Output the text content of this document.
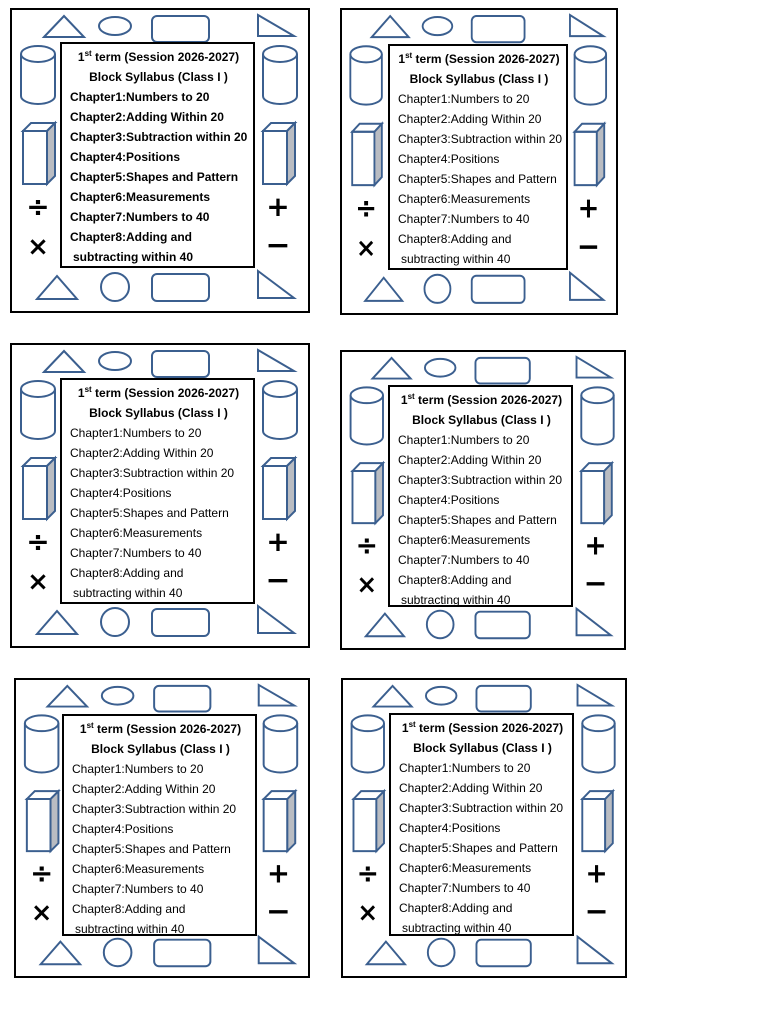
÷
×
+
−
1st term (Session 2026-2027)
Block Syllabus (Class I )
Chapter1:Numbers to 20
Chapter2:Adding Within 20
Chapter3:Subtraction within 20
Chapter4:Positions
Chapter5:Shapes and Pattern
Chapter6:Measurements
Chapter7:Numbers to 40
Chapter8:Adding and
subtracting within 40
÷
×
+
−
1st term (Session 2026-2027)
Block Syllabus (Class I )
Chapter1:Numbers to 20
Chapter2:Adding Within 20
Chapter3:Subtraction within 20
Chapter4:Positions
Chapter5:Shapes and Pattern
Chapter6:Measurements
Chapter7:Numbers to 40
Chapter8:Adding and
subtracting within 40
÷
×
+
−
1st term (Session 2026-2027)
Block Syllabus (Class I )
Chapter1:Numbers to 20
Chapter2:Adding Within 20
Chapter3:Subtraction within 20
Chapter4:Positions
Chapter5:Shapes and Pattern
Chapter6:Measurements
Chapter7:Numbers to 40
Chapter8:Adding and
subtracting within 40
÷
×
+
−
1st term (Session 2026-2027)
Block Syllabus (Class I )
Chapter1:Numbers to 20
Chapter2:Adding Within 20
Chapter3:Subtraction within 20
Chapter4:Positions
Chapter5:Shapes and Pattern
Chapter6:Measurements
Chapter7:Numbers to 40
Chapter8:Adding and
subtracting within 40
÷
×
+
−
1st term (Session 2026-2027)
Block Syllabus (Class I )
Chapter1:Numbers to 20
Chapter2:Adding Within 20
Chapter3:Subtraction within 20
Chapter4:Positions
Chapter5:Shapes and Pattern
Chapter6:Measurements
Chapter7:Numbers to 40
Chapter8:Adding and
subtracting within 40
÷
×
+
−
1st term (Session 2026-2027)
Block Syllabus (Class I )
Chapter1:Numbers to 20
Chapter2:Adding Within 20
Chapter3:Subtraction within 20
Chapter4:Positions
Chapter5:Shapes and Pattern
Chapter6:Measurements
Chapter7:Numbers to 40
Chapter8:Adding and
subtracting within 40
